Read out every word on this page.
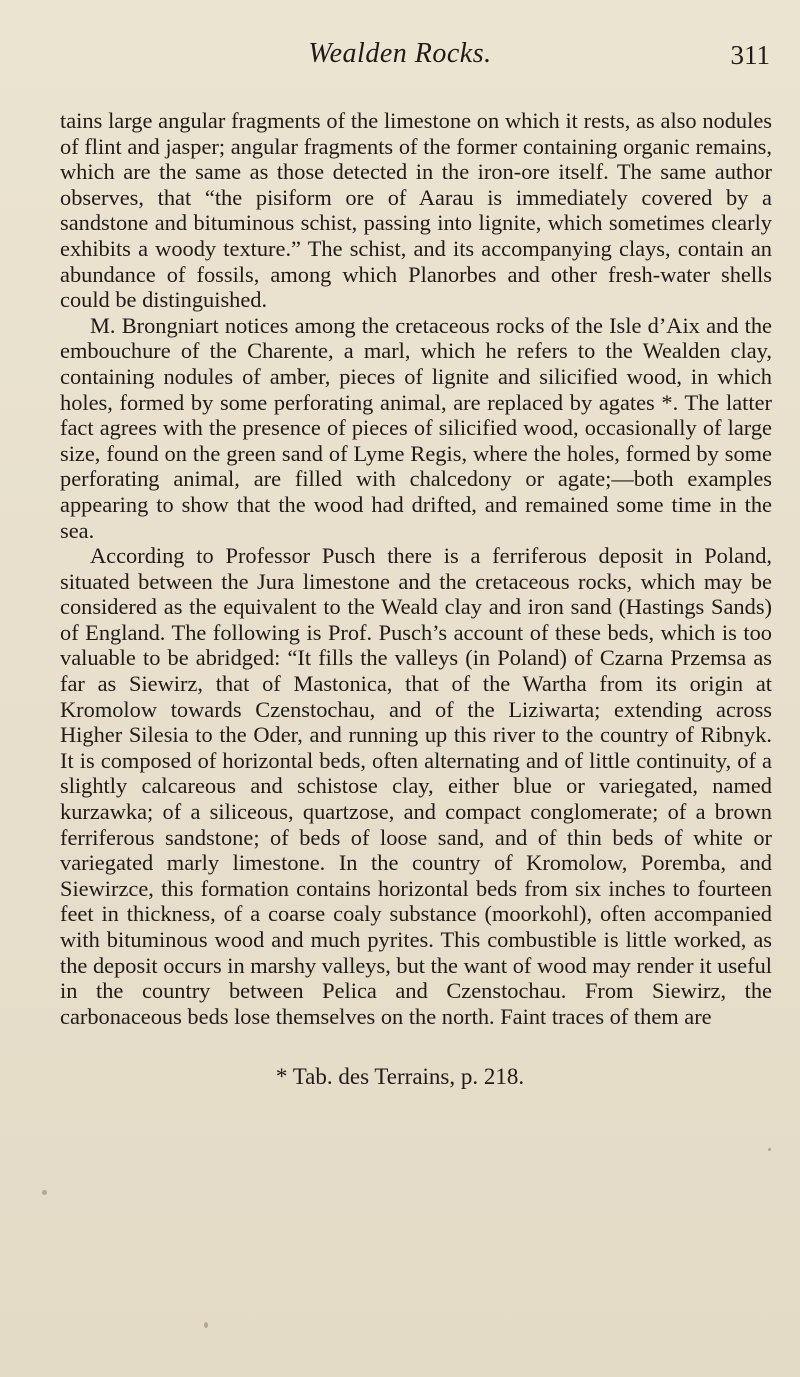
Wealden Rocks.	311

tains large angular fragments of the limestone on which it rests, as also nodules of flint and jasper; angular fragments of the former containing organic remains, which are the same as those detected in the iron-ore itself. The same author observes, that “the pisiform ore of Aarau is immediately covered by a sandstone and bituminous schist, passing into lignite, which sometimes clearly exhibits a woody texture.” The schist, and its accompanying clays, contain an abundance of fossils, among which Planorbes and other fresh-water shells could be distinguished.

M. Brongniart notices among the cretaceous rocks of the Isle d’Aix and the embouchure of the Charente, a marl, which he refers to the Wealden clay, containing nodules of amber, pieces of lignite and silicified wood, in which holes, formed by some perforating animal, are replaced by agates *. The latter fact agrees with the presence of pieces of silicified wood, occasionally of large size, found on the green sand of Lyme Regis, where the holes, formed by some perforating animal, are filled with chalcedony or agate;—both examples appearing to show that the wood had drifted, and remained some time in the sea.

According to Professor Pusch there is a ferriferous deposit in Poland, situated between the Jura limestone and the cretaceous rocks, which may be considered as the equivalent to the Weald clay and iron sand (Hastings Sands) of England. The following is Prof. Pusch’s account of these beds, which is too valuable to be abridged: “It fills the valleys (in Poland) of Czarna Przemsa as far as Siewirz, that of Mastonica, that of the Wartha from its origin at Kromolow towards Czenstochau, and of the Liziwarta; extending across Higher Silesia to the Oder, and running up this river to the country of Ribnyk. It is composed of horizontal beds, often alternating and of little continuity, of a slightly calcareous and schistose clay, either blue or variegated, named kurzawka; of a siliceous, quartzose, and compact conglomerate; of a brown ferriferous sandstone; of beds of loose sand, and of thin beds of white or variegated marly limestone. In the country of Kromolow, Poremba, and Siewirzce, this formation contains horizontal beds from six inches to fourteen feet in thickness, of a coarse coaly substance (moorkohl), often accompanied with bituminous wood and much pyrites. This combustible is little worked, as the deposit occurs in marshy valleys, but the want of wood may render it useful in the country between Pelica and Czenstochau. From Siewirz, the carbonaceous beds lose themselves on the north. Faint traces of them are

* Tab. des Terrains, p. 218.
